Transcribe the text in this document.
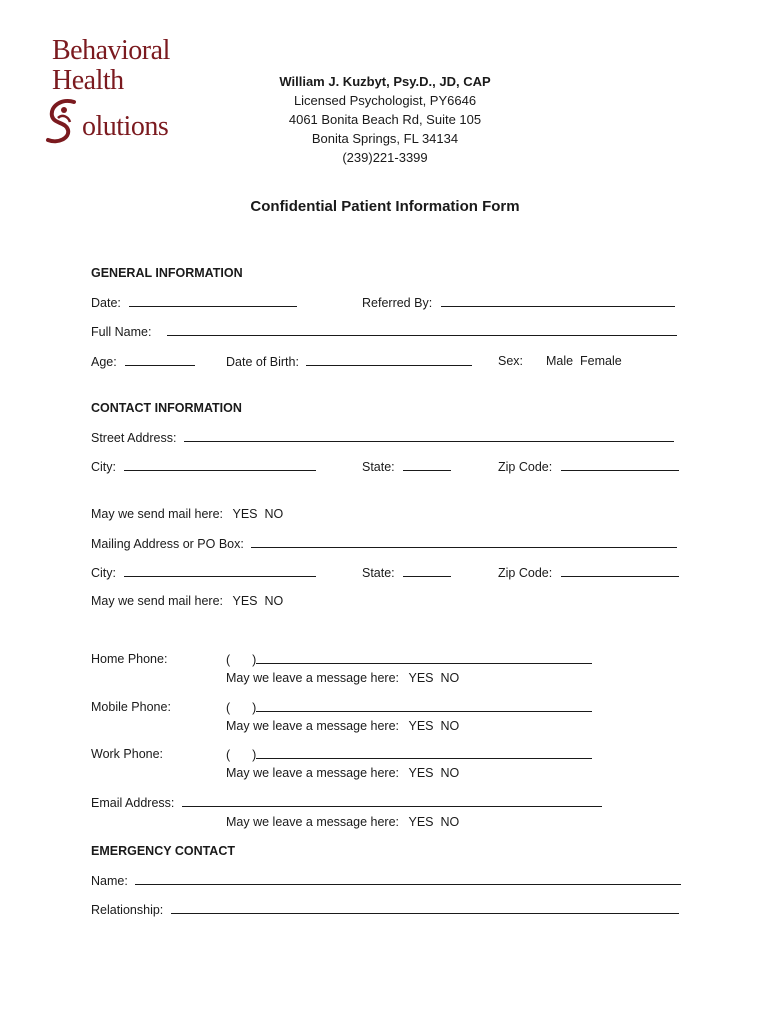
Behavioral
Health
olutions
William J. Kuzbyt, Psy.D., JD, CAP
Licensed Psychologist, PY6646
4061 Bonita Beach Rd, Suite 105
Bonita Springs, FL 34134
(239)221-3399
Confidential Patient Information Form
GENERAL INFORMATION
Date:	Referred By:
Full Name:
Age:	Date of Birth:	Sex: Male  Female
CONTACT INFORMATION
Street Address:
City:	State:	Zip Code:
May we send mail here: YES  NO
Mailing Address or PO Box:
City:	State:	Zip Code:
May we send mail here: YES  NO
Home Phone:	( )
May we leave a message here: YES  NO
Mobile Phone:	( )
May we leave a message here: YES  NO
Work Phone:	( )
May we leave a message here: YES  NO
Email Address:
May we leave a message here: YES  NO
EMERGENCY CONTACT
Name:
Relationship:
